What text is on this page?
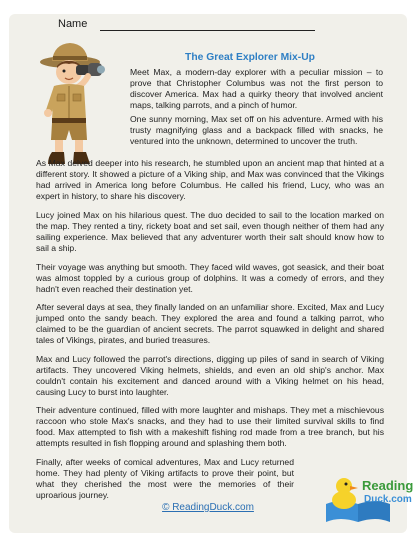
Name
The Great Explorer Mix-Up

Meet Max, a modern-day explorer with a peculiar mission – to prove that Christopher Columbus was not the first person to discover America. Max had a quirky theory that involved ancient maps, talking parrots, and a pinch of humor.

One sunny morning, Max set off on his adventure. Armed with his trusty magnifying glass and a backpack filled with snacks, he ventured into the unknown, determined to uncover the truth.

As Max delved deeper into his research, he stumbled upon an ancient map that hinted at a different story. It showed a picture of a Viking ship, and Max was convinced that the Vikings had arrived in America long before Columbus. He called his friend, Lucy, who was an expert in history, to share his discovery.

Lucy joined Max on his hilarious quest. The duo decided to sail to the location marked on the map. They rented a tiny, rickety boat and set sail, even though neither of them had any sailing experience. Max believed that any adventurer worth their salt should know how to sail a ship.

Their voyage was anything but smooth. They faced wild waves, got seasick, and their boat was almost toppled by a curious group of dolphins. It was a comedy of errors, and they hadn't even reached their destination yet.

After several days at sea, they finally landed on an unfamiliar shore. Excited, Max and Lucy jumped onto the sandy beach. They explored the area and found a talking parrot, who claimed to be the guardian of ancient secrets. The parrot squawked in delight and shared tales of Vikings, pirates, and buried treasures.

Max and Lucy followed the parrot's directions, digging up piles of sand in search of Viking artifacts. They uncovered Viking helmets, shields, and even an old ship's anchor. Max couldn't contain his excitement and danced around with a Viking helmet on his head, causing Lucy to burst into laughter.

Their adventure continued, filled with more laughter and mishaps. They met a mischievous raccoon who stole Max's snacks, and they had to use their limited survival skills to find food. Max attempted to fish with a makeshift fishing rod made from a tree branch, but his attempts resulted in fish flopping around and splashing them both.

Finally, after weeks of comical adventures, Max and Lucy returned home. They had plenty of Viking artifacts to prove their point, but what they cherished the most were the memories of their uproarious journey.

Reading
Duck.com
© ReadingDuck.com
